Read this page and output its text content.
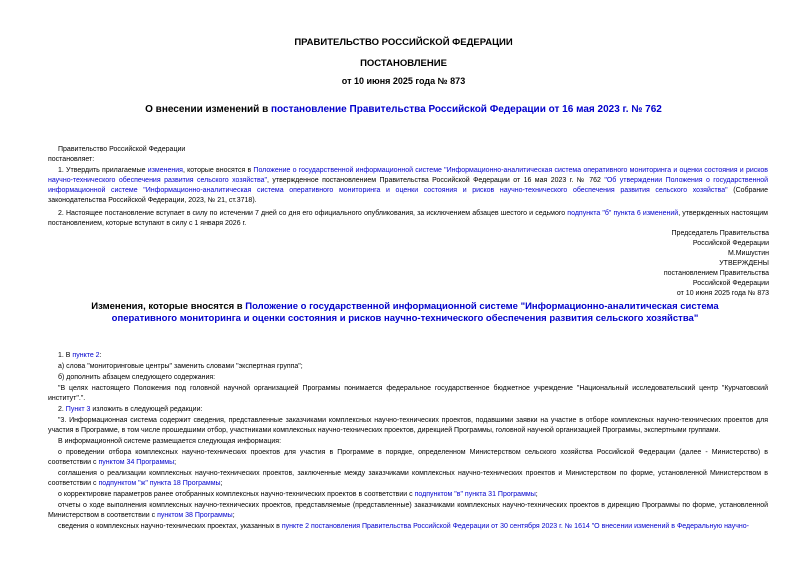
ПРАВИТЕЛЬСТВО РОССИЙСКОЙ ФЕДЕРАЦИИ
ПОСТАНОВЛЕНИЕ
от 10 июня 2025 года № 873
О внесении изменений в постановление Правительства Российской Федерации от 16 мая 2023 г. № 762
Правительство Российской Федерации
постановляет:
1. Утвердить прилагаемые изменения, которые вносятся в Положение о государственной информационной системе "Информационно-аналитическая система оперативного мониторинга и оценки состояния и рисков научно-технического обеспечения развития сельского хозяйства", утвержденное постановлением Правительства Российской Федерации от 16 мая 2023 г. № 762 "Об утверждении Положения о государственной информационной системе "Информационно-аналитическая система оперативного мониторинга и оценки состояния и рисков научно-технического обеспечения развития сельского хозяйства" (Собрание законодательства Российской Федерации, 2023, № 21, ст.3718).
2. Настоящее постановление вступает в силу по истечении 7 дней со дня его официального опубликования, за исключением абзацев шестого и седьмого подпункта "б" пункта 6 изменений, утвержденных настоящим постановлением, которые вступают в силу с 1 января 2026 г.
Председатель Правительства
Российской Федерации
М.Мишустин
УТВЕРЖДЕНЫ
постановлением Правительства
Российской Федерации
от 10 июня 2025 года № 873
Изменения, которые вносятся в Положение о государственной информационной системе "Информационно-аналитическая система оперативного мониторинга и оценки состояния и рисков научно-технического обеспечения развития сельского хозяйства"
1. В пункте 2:
а) слова "мониторинговые центры" заменить словами "экспертная группа";
б) дополнить абзацем следующего содержания:
"В целях настоящего Положения под головной научной организацией Программы понимается федеральное государственное бюджетное учреждение "Национальный исследовательский центр "Курчатовский институт".".
2. Пункт 3 изложить в следующей редакции:
"3. Информационная система содержит сведения, представленные заказчиками комплексных научно-технических проектов, подавшими заявки на участие в отборе комплексных научно-технических проектов для участия в Программе, в том числе прошедшими отбор, участниками комплексных научно-технических проектов, дирекцией Программы, головной научной организацией Программы, экспертными группами.
В информационной системе размещается следующая информация:
о проведении отбора комплексных научно-технических проектов для участия в Программе в порядке, определенном Министерством сельского хозяйства Российской Федерации (далее - Министерство) в соответствии с пунктом 34 Программы;
соглашения о реализации комплексных научно-технических проектов, заключенные между заказчиками комплексных научно-технических проектов и Министерством по форме, установленной Министерством в соответствии с подпунктом "ж" пункта 18 Программы;
о корректировке параметров ранее отобранных комплексных научно-технических проектов в соответствии с подпунктом "в" пункта 31 Программы;
отчеты о ходе выполнения комплексных научно-технических проектов, представляемые (представленные) заказчиками комплексных научно-технических проектов в дирекцию Программы по форме, установленной Министерством в соответствии с пунктом 38 Программы;
сведения о комплексных научно-технических проектах, указанных в пункте 2 постановления Правительства Российской Федерации от 30 сентября 2023 г. № 1614 "О внесении изменений в Федеральную научно-
